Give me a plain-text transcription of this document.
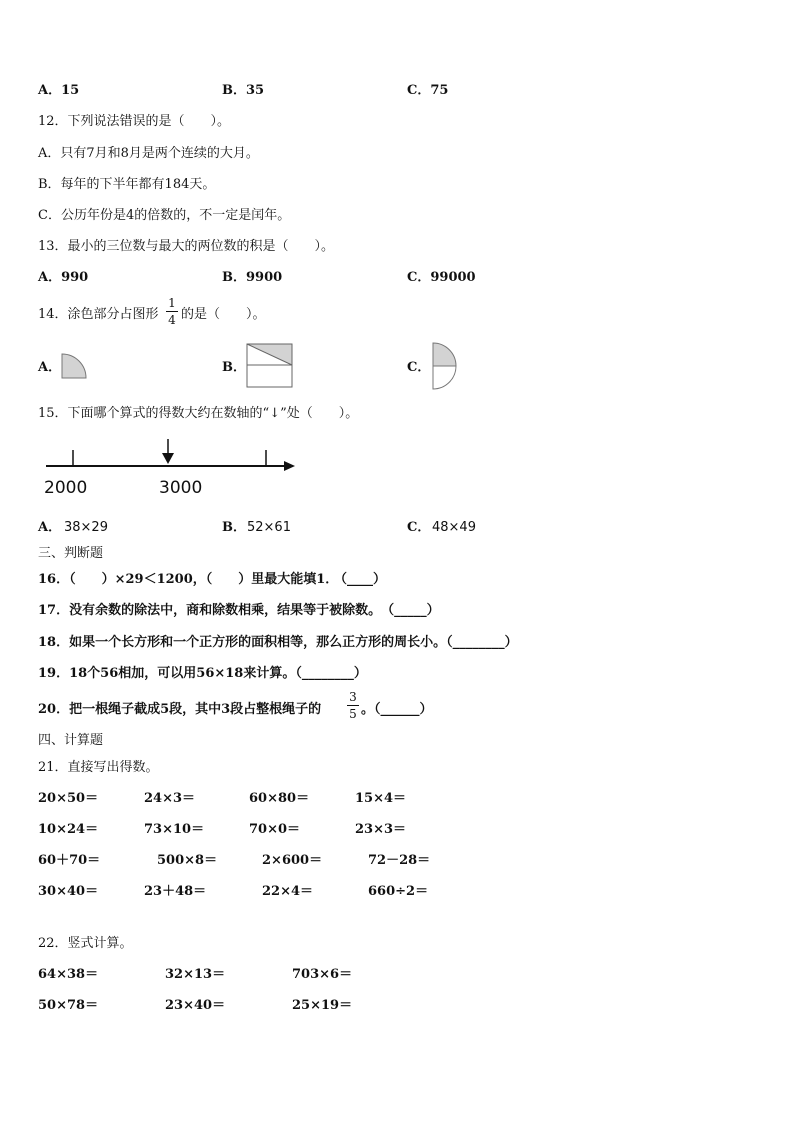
A．15	B．35	C．75
12．下列说法错误的是（　　）。
A．只有7月和8月是两个连续的大月。
B．每年的下半年都有184天。
C．公历年份是4的倍数的，不一定是闰年。
13．最小的三位数与最大的两位数的积是（　　）。
A．990	B．9900	C．99000
14．涂色部分占图形
1
4 的是（　　）。
A．	B．	C．
15．下面哪个算式的得数大约在数轴的“↓”处（　　）。
2000	3000
A． 38×29	B． 52×61	C． 48×49
三、判断题
16．（　　）×29＜1200，（　　）里最大能填1．
（____）
17．没有余数的除法中，商和除数相乘，结果等于被除数。　（_____）
18．如果一个长方形和一个正方形的面积相等，那么正方形的周长小。（________）
19．18个56相加，可以用56×18来计算。（________）
20．把一根绳子截成5段，其中3段占整根绳子的
3
5 。（______）
四、计算题
21．直接写出得数。
20×50＝	24×3＝	60×80＝	15×4＝
10×24＝	73×10＝	70×0＝	23×3＝
60＋70＝	500×8＝	2×600＝	72－28＝
30×40＝	23＋48＝	22×4＝	660÷2＝
22．竖式计算。
64×38＝	32×13＝	703×6＝
50×78＝	23×40＝	25×19＝
